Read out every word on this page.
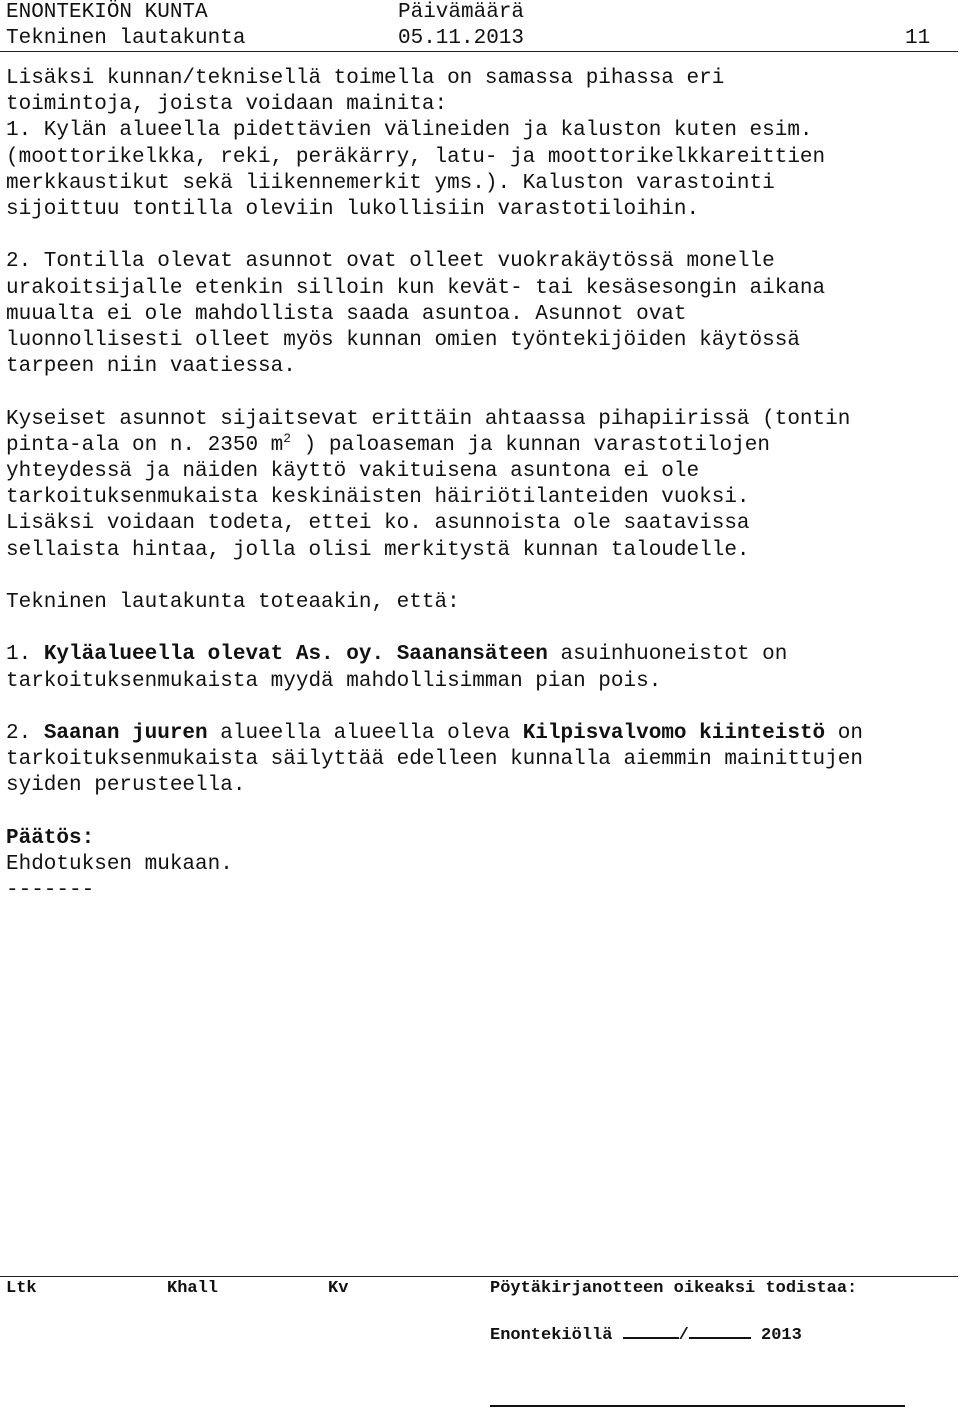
ENONTEKIÖN KUNTA	Päivämäärä
Tekninen lautakunta	05.11.2013	11

Lisäksi kunnan/teknisellä toimella on samassa pihassa eri
toimintoja, joista voidaan mainita:
1. Kylän alueella pidettävien välineiden ja kaluston kuten esim.
(moottorikelkka, reki, peräkärry, latu- ja moottorikelkkareittien
merkkaustikut sekä liikennemerkit yms.). Kaluston varastointi
sijoittuu tontilla oleviin lukollisiin varastotiloihin.

2. Tontilla olevat asunnot ovat olleet vuokrakäytössä monelle
urakoitsijalle etenkin silloin kun kevät- tai kesäsesongin aikana
muualta ei ole mahdollista saada asuntoa. Asunnot ovat
luonnollisesti olleet myös kunnan omien työntekijöiden käytössä
tarpeen niin vaatiessa.

Kyseiset asunnot sijaitsevat erittäin ahtaassa pihapiirissä (tontin
pinta-ala on n. 2350 $m^2$ ) paloaseman ja kunnan varastotilojen
yhteydessä ja näiden käyttö vakituisena asuntona ei ole
tarkoituksenmukaista keskinäisten häiriötilanteiden vuoksi.
Lisäksi voidaan todeta, ettei ko. asunnoista ole saatavissa
sellaista hintaa, jolla olisi merkitystä kunnan taloudelle.

Tekninen lautakunta toteaakin, että:

1. Kyläalueella olevat As. oy. Saanansäteen asuinhuoneistot on
tarkoituksenmukaista myydä mahdollisimman pian pois.

2. Saanan juuren alueella alueella oleva Kilpisvalvomo kiinteistö on
tarkoituksenmukaista säilyttää edelleen kunnalla aiemmin mainittujen
syiden perusteella.

Päätös:
Ehdotuksen mukaan.
-------

Ltk	Khall	Kv	Pöytäkirjanotteen oikeaksi todistaa:
Enontekiöllä	/	2013
